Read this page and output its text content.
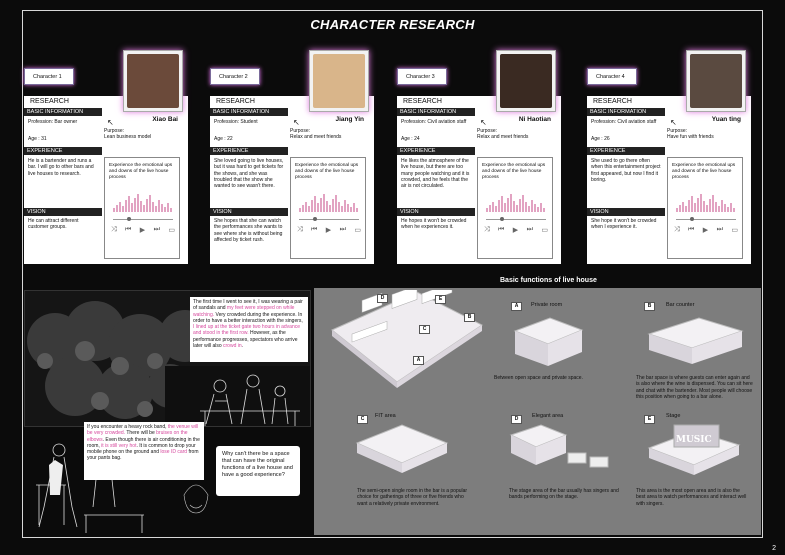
CHARACTER RESEARCH
RESEARCH
BASIC INFORMATION
Profession: Bar owner
Age : 31
↖
Purpose:
Lean business model
EXPERIENCE
He is a bartender and runs a bar. I will go to other bars and live houses to research.
VISION
He can attract different customer groups.
Experience the emotional ups and downs of the live house process
⤨ ⏮ ▶ ⏭ ▭
Character 1
Xiao Bai
RESEARCH
BASIC INFORMATION
Profession: Student
Age : 22
↖
Purpose:
Relax and meet friends
EXPERIENCE
She loved going to live houses, but it was hard to get tickets for the shows, and she was troubled that the show she wanted to see wasn't there.
VISION
She hopes that she can watch the performances she wants to see where she is without being affected by ticket rush.
Experience the emotional ups and downs of the live house process
⤨ ⏮ ▶ ⏭ ▭
Character 2
Jiang Yin
RESEARCH
BASIC INFORMATION
Profession: Civil aviation staff
Age : 24
↖
Purpose:
Relax and meet friends
EXPERIENCE
He likes the atmosphere of the live house, but there are too many people watching and it is crowded, and he feels that the air is not circulated.
VISION
He hopes it won't be crowded when he experiences it.
Experience the emotional ups and downs of the live house process
⤨ ⏮ ▶ ⏭ ▭
Character 3
Ni Haotian
RESEARCH
BASIC INFORMATION
Profession: Civil aviation staff
Age : 26
↖
Purpose:
Have fun with friends
EXPERIENCE
She used to go there often when this entertainment project first appeared, but now I find it boring.
VISION
She hope it won't be crowded when I experience it.
Experience the emotional ups and downs of the live house process
⤨ ⏮ ▶ ⏭ ▭
Character 4
Yuan ting
The first time I went to see it, I was wearing a pair of sandals and my feet were stepped on while watching. Very crowded during the experience. In order to have a better interaction with the singers, I lined up at the ticket gate two hours in advance and stood in the first row. However, as the performance progresses, spectators who arrive later will also crowd in.
If you encounter a heavy rock band, the venue will be very crowded. There will be bruises on the elbows. Even though there is air conditioning in the room, it is still very hot. It is common to drop your mobile phone on the ground and lose ID card from your pants bag.
Why can't there be a space that can have the original functions of a live house and have a good experience?
Basic functions of live house
D	E
B
C
A
A	Private room
Between open space and private space.
B	Bar counter
The bar space is where guests can enter again and is also where the wine is dispensed. You can sit here and chat with the bartender. Most people will choose this position when going to a bar alone.
C	FIT area
The semi-open single room in the bar is a popular choice for gatherings of three or five friends who want a relatively private environment.
D	Elegant area
The stage area of the bar usually has singers and bands performing on the stage.
E	Stage
MUSIC
This area is the most open area and is also the best area to watch performances and interact well with singers.
2
